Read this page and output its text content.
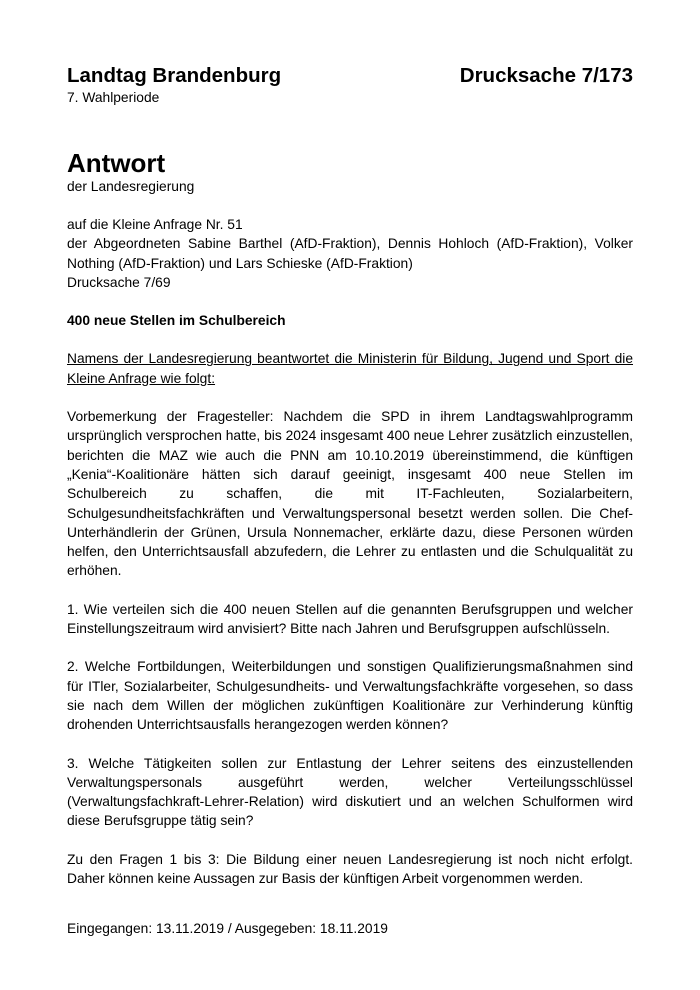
Landtag Brandenburg	Drucksache 7/173
7. Wahlperiode
Antwort
der Landesregierung

auf die Kleine Anfrage Nr. 51

der Abgeordneten Sabine Barthel (AfD-Fraktion), Dennis Hohloch (AfD-Fraktion), Volker Nothing (AfD-Fraktion) und Lars Schieske (AfD-Fraktion)

Drucksache 7/69

400 neue Stellen im Schulbereich

Namens der Landesregierung beantwortet die Ministerin für Bildung, Jugend und Sport die Kleine Anfrage wie folgt:

Vorbemerkung der Fragesteller: Nachdem die SPD in ihrem Landtagswahlprogramm ursprünglich versprochen hatte, bis 2024 insgesamt 400 neue Lehrer zusätzlich einzustellen, berichten die MAZ wie auch die PNN am 10.10.2019 übereinstimmend, die künftigen „Kenia“-Koalitionäre hätten sich darauf geeinigt, insgesamt 400 neue Stellen im Schulbereich zu schaffen, die mit IT-Fachleuten, Sozialarbeitern, Schulgesundheitsfachkräften und Verwaltungspersonal besetzt werden sollen. Die Chef-Unterhändlerin der Grünen, Ursula Nonnemacher, erklärte dazu, diese Personen würden helfen, den Unterrichtsausfall abzufedern, die Lehrer zu entlasten und die Schulqualität zu erhöhen.

1. Wie verteilen sich die 400 neuen Stellen auf die genannten Berufsgruppen und welcher Einstellungszeitraum wird anvisiert? Bitte nach Jahren und Berufsgruppen aufschlüsseln.

2. Welche Fortbildungen, Weiterbildungen und sonstigen Qualifizierungsmaßnahmen sind für ITler, Sozialarbeiter, Schulgesundheits- und Verwaltungsfachkräfte vorgesehen, so dass sie nach dem Willen der möglichen zukünftigen Koalitionäre zur Verhinderung künftig drohenden Unterrichtsausfalls herangezogen werden können?

3. Welche Tätigkeiten sollen zur Entlastung der Lehrer seitens des einzustellenden Verwaltungspersonals ausgeführt werden, welcher Verteilungsschlüssel (Verwaltungsfachkraft-Lehrer-Relation) wird diskutiert und an welchen Schulformen wird diese Berufsgruppe tätig sein?

Zu den Fragen 1 bis 3: Die Bildung einer neuen Landesregierung ist noch nicht erfolgt. Daher können keine Aussagen zur Basis der künftigen Arbeit vorgenommen werden.

Eingegangen: 13.11.2019 / Ausgegeben: 18.11.2019
